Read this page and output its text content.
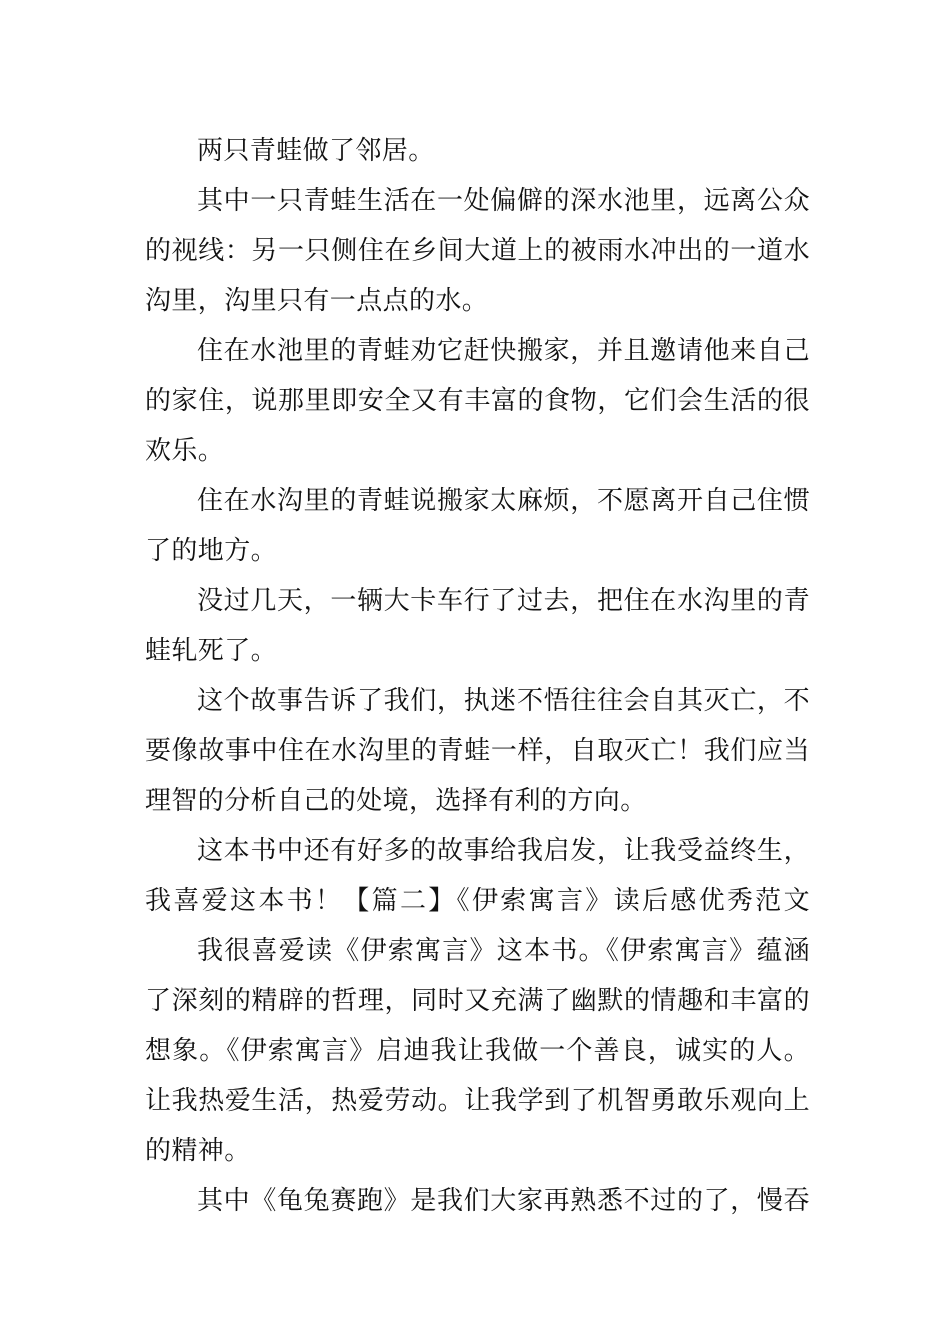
两只青蛙做了邻居。
其中一只青蛙生活在一处偏僻的深水池里，远离公众
的视线：另一只侧住在乡间大道上的被雨水冲出的一道水
沟里，沟里只有一点点的水。
住在水池里的青蛙劝它赶快搬家，并且邀请他来自己
的家住，说那里即安全又有丰富的食物，它们会生活的很
欢乐。
住在水沟里的青蛙说搬家太麻烦，不愿离开自己住惯
了的地方。
没过几天，一辆大卡车行了过去，把住在水沟里的青
蛙轧死了。
这个故事告诉了我们，执迷不悟往往会自其灭亡，不
要像故事中住在水沟里的青蛙一样，自取灭亡！我们应当
理智的分析自己的处境，选择有利的方向。
这本书中还有好多的故事给我启发，让我受益终生，
我喜爱这本书！【篇二】《伊索寓言》读后感优秀范文
我很喜爱读《伊索寓言》这本书。《伊索寓言》蕴涵
了深刻的精辟的哲理，同时又充满了幽默的情趣和丰富的
想象。《伊索寓言》启迪我让我做一个善良，诚实的人。
让我热爱生活，热爱劳动。让我学到了机智勇敢乐观向上
的精神。
其中《龟兔赛跑》是我们大家再熟悉不过的了，慢吞
